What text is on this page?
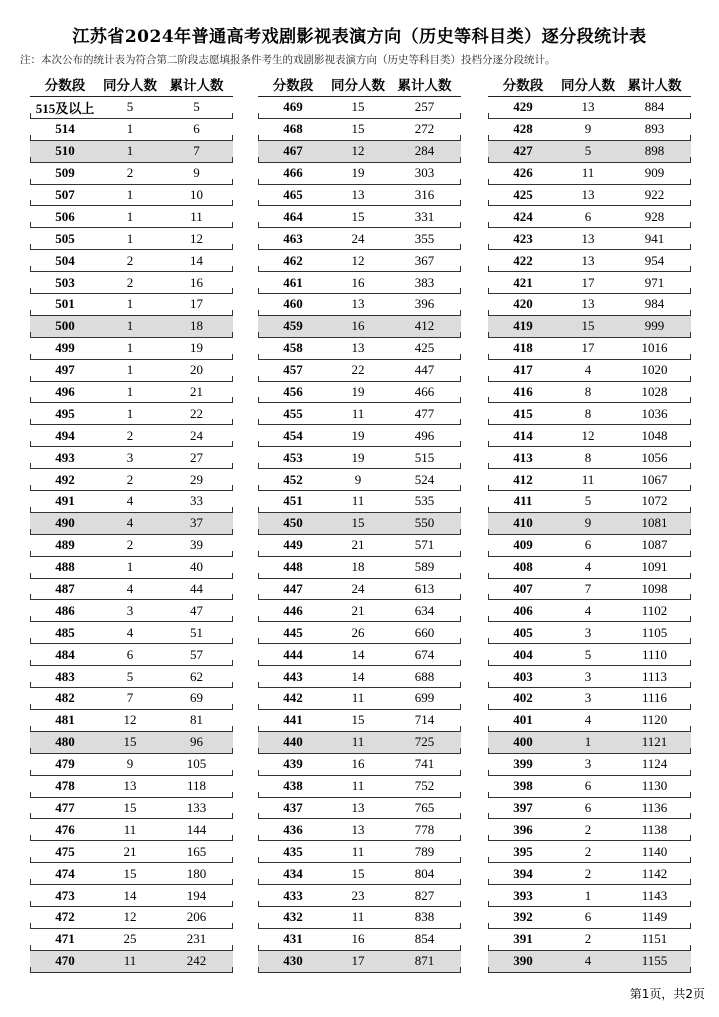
江苏省2024年普通高考戏剧影视表演方向（历史等科目类）逐分段统计表
注：本次公布的统计表为符合第二阶段志愿填报条件考生的戏剧影视表演方向（历史等科目类）投档分逐分段统计。
分数段	同分人数 累计人数
515及以上	5	5
514	1	6
510	1	7
509	2	9
507	1	10
506	1	11
505	1	12
504	2	14
503	2	16
501	1	17
500	1	18
499	1	19
497	1	20
496	1	21
495	1	22
494	2	24
493	3	27
492	2	29
491	4	33
490	4	37
489	2	39
488	1	40
487	4	44
486	3	47
485	4	51
484	6	57
483	5	62
482	7	69
481	12	81
480	15	96
479	9	105
478	13	118
477	15	133
476	11	144
475	21	165
474	15	180
473	14	194
472	12	206
471	25	231
470	11	242
分数段	同分人数 累计人数
469	15	257
468	15	272
467	12	284
466	19	303
465	13	316
464	15	331
463	24	355
462	12	367
461	16	383
460	13	396
459	16	412
458	13	425
457	22	447
456	19	466
455	11	477
454	19	496
453	19	515
452	9	524
451	11	535
450	15	550
449	21	571
448	18	589
447	24	613
446	21	634
445	26	660
444	14	674
443	14	688
442	11	699
441	15	714
440	11	725
439	16	741
438	11	752
437	13	765
436	13	778
435	11	789
434	15	804
433	23	827
432	11	838
431	16	854
430	17	871
分数段	同分人数 累计人数
429	13	884
428	9	893
427	5	898
426	11	909
425	13	922
424	6	928
423	13	941
422	13	954
421	17	971
420	13	984
419	15	999
418	17	1016
417	4	1020
416	8	1028
415	8	1036
414	12	1048
413	8	1056
412	11	1067
411	5	1072
410	9	1081
409	6	1087
408	4	1091
407	7	1098
406	4	1102
405	3	1105
404	5	1110
403	3	1113
402	3	1116
401	4	1120
400	1	1121
399	3	1124
398	6	1130
397	6	1136
396	2	1138
395	2	1140
394	2	1142
393	1	1143
392	6	1149
391	2	1151
390	4	1155
第1页，共2页
